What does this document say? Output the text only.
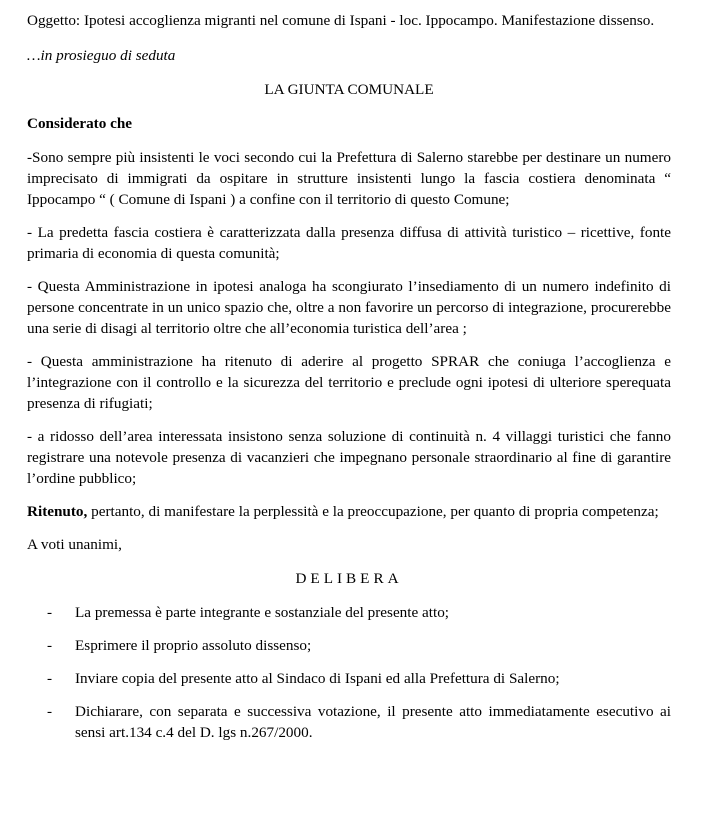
Oggetto: Ipotesi accoglienza migranti nel comune di Ispani - loc. Ippocampo. Manifestazione dissenso.

…in prosieguo di seduta

LA GIUNTA COMUNALE

Considerato che

-Sono sempre più insistenti le voci secondo cui la Prefettura di Salerno starebbe per destinare un numero imprecisato di immigrati da ospitare in strutture insistenti lungo la fascia costiera denominata “ Ippocampo “ ( Comune di Ispani ) a confine con il territorio di questo Comune;

- La predetta fascia costiera è caratterizzata dalla presenza diffusa di attività turistico – ricettive, fonte primaria di economia di questa comunità;

- Questa Amministrazione in ipotesi analoga ha scongiurato l’insediamento di un numero indefinito di persone concentrate in un unico spazio che, oltre a non favorire un percorso di integrazione, procurerebbe una serie di disagi al territorio oltre che all’economia turistica dell’area ;

- Questa amministrazione ha ritenuto di aderire al progetto SPRAR che coniuga l’accoglienza e l’integrazione con il controllo e la sicurezza del territorio e preclude ogni ipotesi di ulteriore sperequata presenza di rifugiati;

- a ridosso dell’area interessata insistono senza soluzione di continuità n. 4 villaggi turistici che fanno registrare una notevole presenza di vacanzieri che impegnano personale straordinario al fine di garantire l’ordine pubblico;

Ritenuto, pertanto, di manifestare la perplessità e la preoccupazione, per quanto di propria competenza;

A voti unanimi,

DELIBERA

- La premessa è parte integrante e sostanziale del presente atto;
- Esprimere il proprio assoluto dissenso;
- Inviare copia del presente atto al Sindaco di Ispani ed alla Prefettura di Salerno;
- Dichiarare, con separata e successiva votazione, il presente atto immediatamente esecutivo ai sensi art.134 c.4 del D. lgs n.267/2000.
